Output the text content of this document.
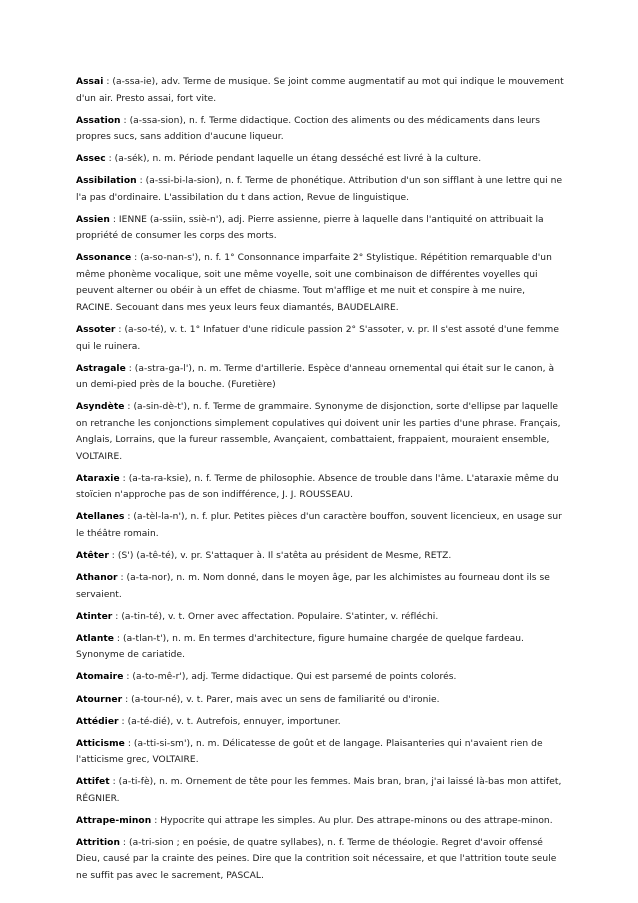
Assai : (a-ssa-ie), adv. Terme de musique. Se joint comme augmentatif au mot qui indique le mouvement d'un air. Presto assai, fort vite.

Assation : (a-ssa-sion), n. f. Terme didactique. Coction des aliments ou des médicaments dans leurs propres sucs, sans addition d'aucune liqueur.

Assec : (a-sék), n. m. Période pendant laquelle un étang desséché est livré à la culture.

Assibilation : (a-ssi-bi-la-sion), n. f. Terme de phonétique. Attribution d'un son sifflant à une lettre qui ne l'a pas d'ordinaire. L'assibilation du t dans action, Revue de linguistique.

Assien : IENNE (a-ssiin, ssiè-n'), adj. Pierre assienne, pierre à laquelle dans l'antiquité on attribuait la propriété de consumer les corps des morts.

Assonance : (a-so-nan-s'), n. f. 1° Consonnance imparfaite 2° Stylistique. Répétition remarquable d'un même phonème vocalique, soit une même voyelle, soit une combinaison de différentes voyelles qui peuvent alterner ou obéir à un effet de chiasme. Tout m'afflige et me nuit et conspire à me nuire, RACINE. Secouant dans mes yeux leurs feux diamantés, BAUDELAIRE.

Assoter : (a-so-té), v. t. 1° Infatuer d'une ridicule passion 2° S'assoter, v. pr. Il s'est assoté d'une femme qui le ruinera.

Astragale : (a-stra-ga-l'), n. m. Terme d'artillerie. Espèce d'anneau ornemental qui était sur le canon, à un demi-pied près de la bouche. (Furetière)

Asyndète : (a-sin-dè-t'), n. f. Terme de grammaire. Synonyme de disjonction, sorte d'ellipse par laquelle on retranche les conjonctions simplement copulatives qui doivent unir les parties d'une phrase. Français, Anglais, Lorrains, que la fureur rassemble, Avançaient, combattaient, frappaient, mouraient ensemble, VOLTAIRE.

Ataraxie : (a-ta-ra-ksie), n. f. Terme de philosophie. Absence de trouble dans l'âme. L'ataraxie même du stoïcien n'approche pas de son indifférence, J. J. ROUSSEAU.

Atellanes : (a-tèl-la-n'), n. f. plur. Petites pièces d'un caractère bouffon, souvent licencieux, en usage sur le théâtre romain.

Atêter : (S') (a-tê-té), v. pr. S'attaquer à. Il s'atêta au président de Mesme, RETZ.

Athanor : (a-ta-nor), n. m. Nom donné, dans le moyen âge, par les alchimistes au fourneau dont ils se servaient.

Atinter : (a-tin-té), v. t. Orner avec affectation. Populaire. S'atinter, v. réfléchi.

Atlante : (a-tlan-t'), n. m. En termes d'architecture, figure humaine chargée de quelque fardeau. Synonyme de cariatide.

Atomaire : (a-to-mê-r'), adj. Terme didactique. Qui est parsemé de points colorés.

Atourner : (a-tour-né), v. t. Parer, mais avec un sens de familiarité ou d'ironie.

Attédier : (a-té-dié), v. t. Autrefois, ennuyer, importuner.

Atticisme : (a-tti-si-sm'), n. m. Délicatesse de goût et de langage. Plaisanteries qui n'avaient rien de l'atticisme grec, VOLTAIRE.

Attifet : (a-ti-fè), n. m. Ornement de tête pour les femmes. Mais bran, bran, j'ai laissé là-bas mon attifet, RÉGNIER.

Attrape-minon : Hypocrite qui attrape les simples. Au plur. Des attrape-minons ou des attrape-minon.

Attrition : (a-tri-sion ; en poésie, de quatre syllabes), n. f. Terme de théologie. Regret d'avoir offensé Dieu, causé par la crainte des peines. Dire que la contrition soit nécessaire, et que l'attrition toute seule ne suffit pas avec le sacrement, PASCAL.
